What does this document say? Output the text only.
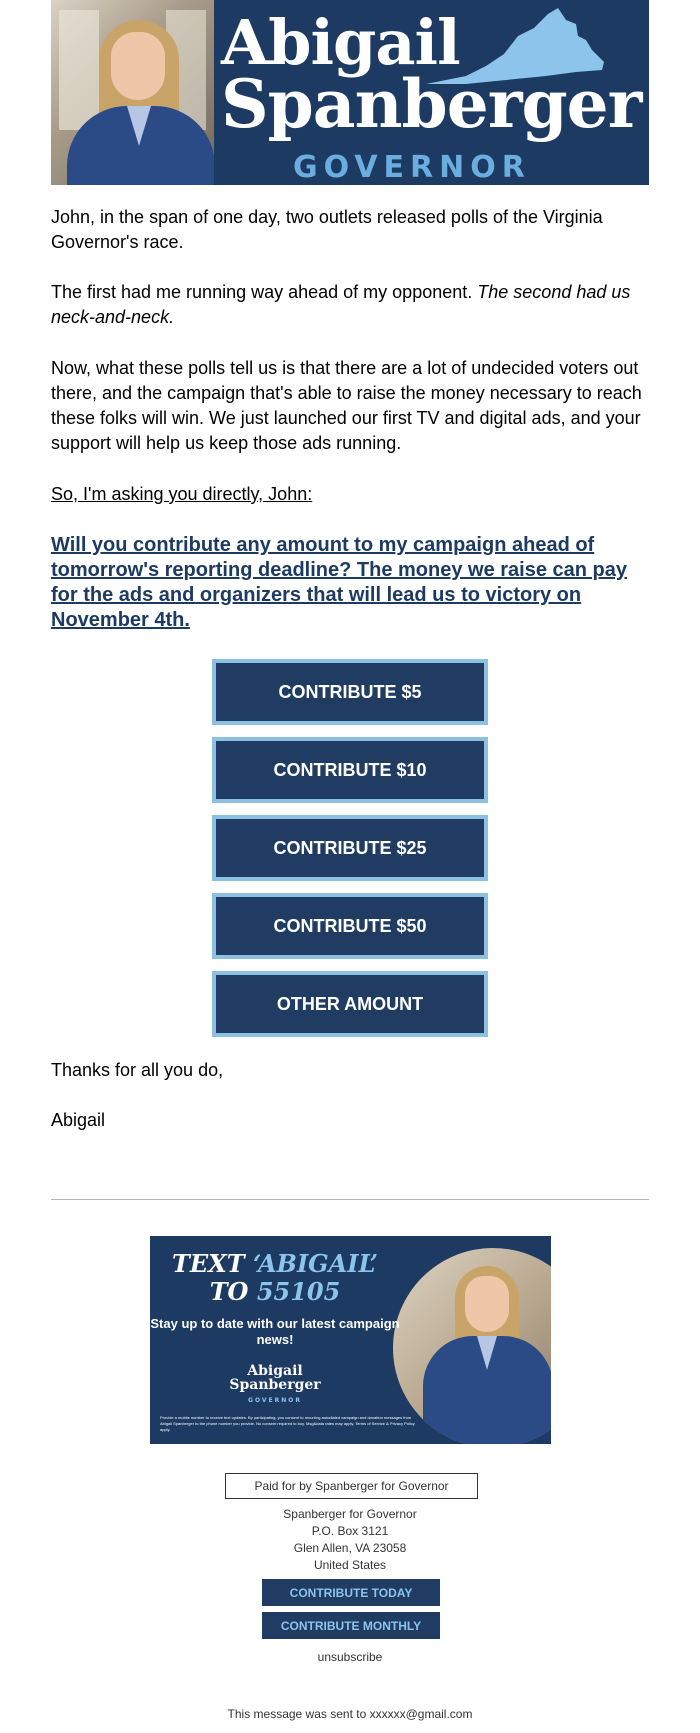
Abigail
Spanberger
GOVERNOR

John, in the span of one day, two outlets released polls of the Virginia Governor's race.

The first had me running way ahead of my opponent. The second had us neck-and-neck.

Now, what these polls tell us is that there are a lot of undecided voters out there, and the campaign that's able to raise the money necessary to reach these folks will win. We just launched our first TV and digital ads, and your support will help us keep those ads running.

So, I'm asking you directly, John:

Will you contribute any amount to my campaign ahead of tomorrow's reporting deadline? The money we raise can pay for the ads and organizers that will lead us to victory on November 4th.

CONTRIBUTE $5
CONTRIBUTE $10
CONTRIBUTE $25
CONTRIBUTE $50
OTHER AMOUNT

Thanks for all you do,

Abigail

TEXT ‘ABIGAIL’
TO 55105
Stay up to date with our latest campaign news!
Abigail
Spanberger
GOVERNOR
Provide a mobile number to receive text updates. By participating, you consent to recurring autodialed campaign and donation messages from Abigail Spanberger to the phone number you provide. No consent required to buy. Msg&data rates may apply. Terms of Service & Privacy Policy apply.
Paid for by Spanberger for Governor
Spanberger for Governor
P.O. Box 3121
Glen Allen, VA 23058
United States
CONTRIBUTE TODAY
CONTRIBUTE MONTHLY
unsubscribe
This message was sent to xxxxxx@gmail.com
